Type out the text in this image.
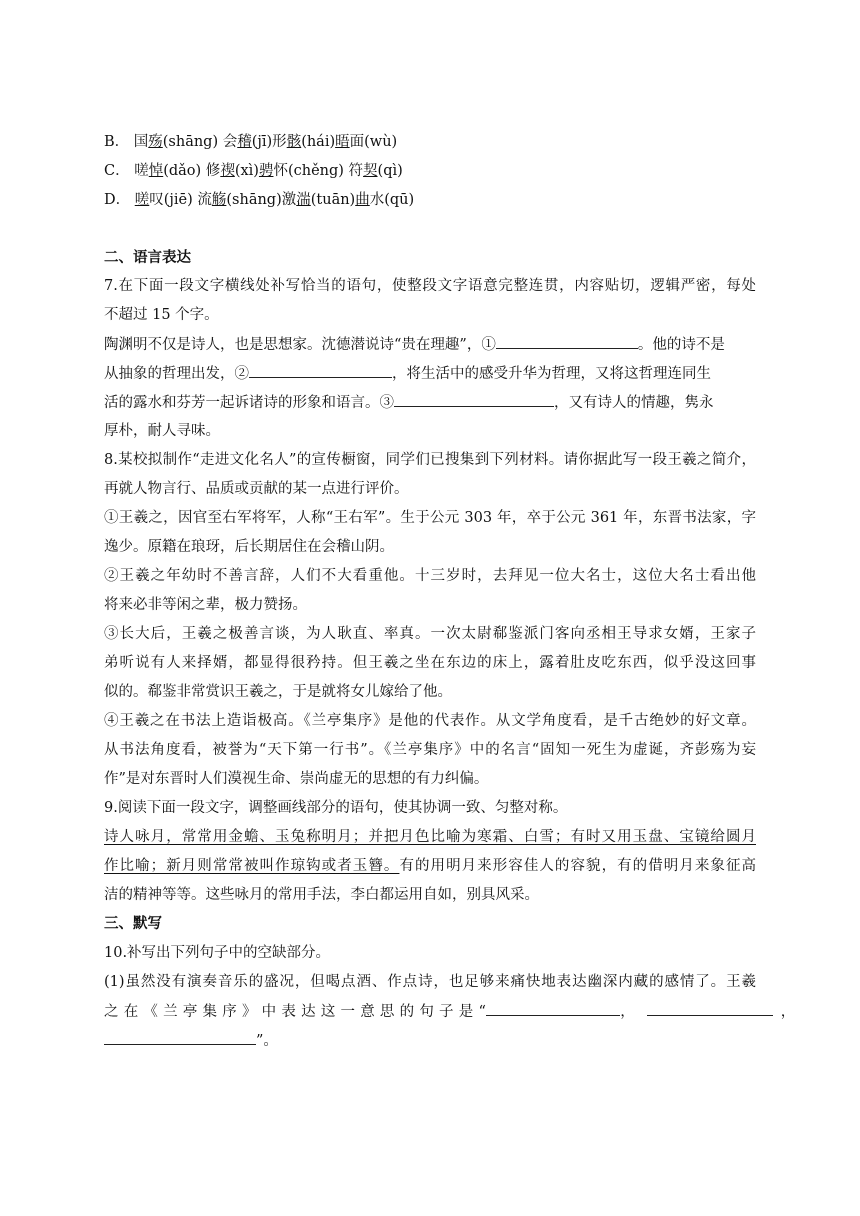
B． 国殇(shāng) 会稽(jī)形骸(hái)晤面(wù)
C． 嗟悼(dǎo) 修禊(xì)骋怀(chěng) 符契(qì)
D． 嗟叹(jiē) 流觞(shāng)激湍(tuān)曲水(qū)
二、语言表达
7.在下面一段文字横线处补写恰当的语句，使整段文字语意完整连贯，内容贴切，逻辑严密，每处
不超过 15 个字。
陶渊明不仅是诗人，也是思想家。沈德潜说诗“贵在理趣”，①	。他的诗不是
从抽象的哲理出发，②	，将生活中的感受升华为哲理，又将这哲理连同生
活的露水和芬芳一起诉诸诗的形象和语言。③	，又有诗人的情趣，隽永
厚朴，耐人寻味。
8.某校拟制作“走进文化名人”的宣传橱窗，同学们已搜集到下列材料。请你据此写一段王羲之简介，
再就人物言行、品质或贡献的某一点进行评价。
①王羲之，因官至右军将军，人称“王右军”。生于公元 303 年，卒于公元 361 年，东晋书法家，字
逸少。原籍在琅玡，后长期居住在会稽山阴。
②王羲之年幼时不善言辞，人们不大看重他。十三岁时，去拜见一位大名士，这位大名士看出他
将来必非等闲之辈，极力赞扬。
③长大后，王羲之极善言谈，为人耿直、率真。一次太尉郗鉴派门客向丞相王导求女婿，王家子
弟听说有人来择婿，都显得很矜持。但王羲之坐在东边的床上，露着肚皮吃东西，似乎没这回事
似的。郗鉴非常赏识王羲之，于是就将女儿嫁给了他。
④王羲之在书法上造诣极高。《兰亭集序》是他的代表作。从文学角度看，是千古绝妙的好文章。
从书法角度看，被誉为“天下第一行书”。《兰亭集序》中的名言“固知一死生为虚诞，齐彭殇为妄
作”是对东晋时人们漠视生命、崇尚虚无的思想的有力纠偏。
9.阅读下面一段文字，调整画线部分的语句，使其协调一致、匀整对称。
诗人咏月，常常用金蟾、玉兔称明月；并把月色比喻为寒霜、白雪；有时又用玉盘、宝镜给圆月
作比喻；新月则常常被叫作琼钩或者玉簪。有的用明月来形容佳人的容貌，有的借明月来象征高
洁的精神等等。这些咏月的常用手法，李白都运用自如，别具风采。
三、默写
10.补写出下列句子中的空缺部分。
(1)虽然没有演奏音乐的盛况，但喝点酒、作点诗，也足够来痛快地表达幽深内藏的感情了。王羲
之 在 《 兰 亭 集 序 》 中 表 达 这 一 意 思 的 句 子 是 “	，	，
”。
